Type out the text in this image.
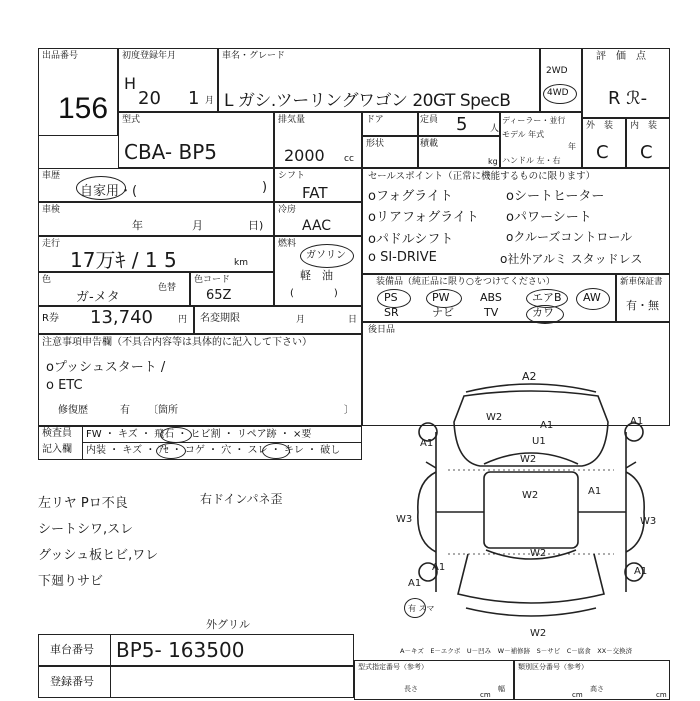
出品番号
156
初度登録年月
H
20 1 月
車名・グレード
L ガシ.ツーリングワゴン 20GT SpecB
2WD
4WD
評　価　点
R ℛ-
型式
CBA- BP5
排気量
2000 cc
ドア	定員 5	人
ディーラー・並行
モデル 年式
年
ハンドル 左・右
形状	積載
kg
外　装 内　装
C C
車歴
自家用・(	)
シフト
FAT
車検
年	月	日)
冷房
AAC
走行
17万ｷ / 1 5	km
燃料
ガソリン
軽　油
(　　　　)
色
ガ-メタ
色替
色コード
65Z
R券 13,740	円 名変期限	月	日
セールスポイント（正常に機能するものに限ります）
oフォグライト	oシートヒーター
oリアフォグライト oパワーシート
oパドルシフト	oクルーズコントロール
o SI-DRIVE	o社外アルミ スタッドレス
装備品（純正品に限り○をつけてください）	新車保証書
有・無
PS	PW	ABS	エアB AW
SR	ナビ	TV	カワ
後日品
注意事項申告欄（不具合内容等は具体的に記入して下さい）
oプッシュスタート /
o ETC
修復歴	有 〔箇所	〕
検査員
記入欄
FW ・ キズ ・ 飛石 ・ ヒビ割 ・ リペア跡 ・ ×要
内装 ・ キズ ・ ｱｾ ・ コゲ ・ 穴 ・ スレ ・ キレ ・ 破し
左リヤ Pロ不良
シートシワ,スレ
グッシュ板ヒビ,ワレ
下廻りサビ
右ドインパネ歪
A2
W2
A1
U1
W2
A1
A1
W2	A1
W3	W3
A1
W2
A1	A1
W2
有 スマ
外グリル
A－キズ　E－エクボ　U－凹み　W－補修跡　S－サビ　C－腐食　XX－交換済
車台番号 BP5- 163500
登録番号
型式指定番号（参考）	類別区分番号（参考）
長さ	幅	高さ
cm	cm	cm
